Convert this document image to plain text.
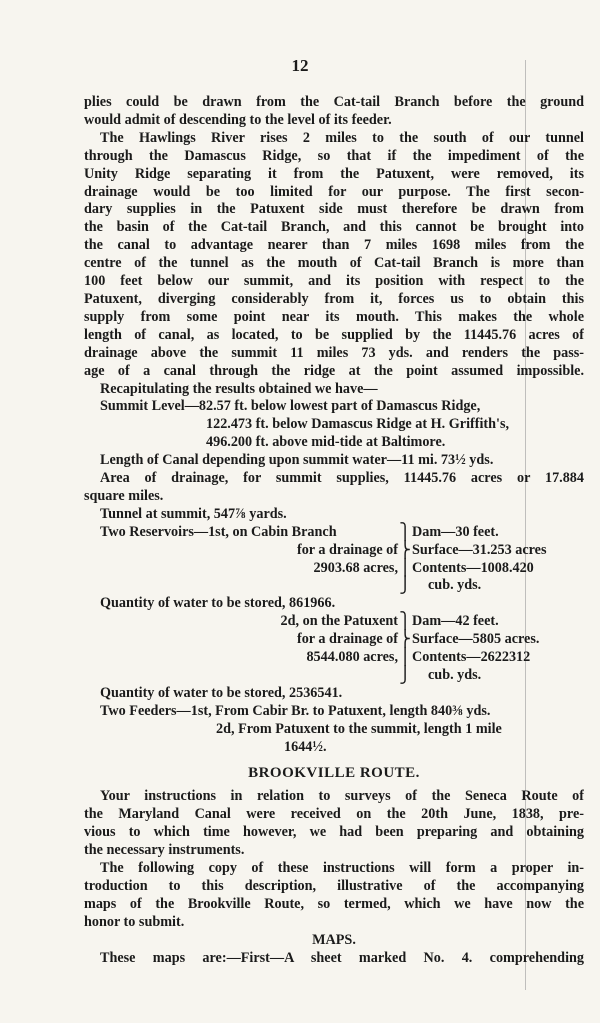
12
plies could be drawn from the Cat-tail Branch before the ground
would admit of descending to the level of its feeder.
The Hawlings River rises 2 miles to the south of our tunnel
through the Damascus Ridge, so that if the impediment of the
Unity Ridge separating it from the Patuxent, were removed, its
drainage would be too limited for our purpose. The first secon-
dary supplies in the Patuxent side must therefore be drawn from
the basin of the Cat-tail Branch, and this cannot be brought into
the canal to advantage nearer than 7 miles 1698 miles from the
centre of the tunnel as the mouth of Cat-tail Branch is more than
100 feet below our summit, and its position with respect to the
Patuxent, diverging considerably from it, forces us to obtain this
supply from some point near its mouth. This makes the whole
length of canal, as located, to be supplied by the 11445.76 acres of
drainage above the summit 11 miles 73 yds. and renders the pass-
age of a canal through the ridge at the point assumed impossible.
Recapitulating the results obtained we have—
Summit Level—82.57 ft. below lowest part of Damascus Ridge,
122.473 ft. below Damascus Ridge at H. Griffith's,
496.200 ft. above mid-tide at Baltimore.
Length of Canal depending upon summit water—11 mi. 73½ yds.
Area of drainage, for summit supplies, 11445.76 acres or 17.884
square miles.
Tunnel at summit, 547⅞ yards.
Two Reservoirs—1st, on Cabin Branch
for a drainage of
2903.68 acres,

⎫
⎬
⎪
⎭
Dam—30 feet.
Surface—31.253 acres
Contents—1008.420
cub. yds.
Quantity of water to be stored, 861966.
2d, on the Patuxent
for a drainage of
8544.080 acres,

⎫
⎬
⎪
⎭
Dam—42 feet.
Surface—5805 acres.
Contents—2622312
cub. yds.
Quantity of water to be stored, 2536541.
Two Feeders—1st, From Cabir Br. to Patuxent, length 840⅜ yds.
2d, From Patuxent to the summit, length 1 mile
1644½.
BROOKVILLE ROUTE.
Your instructions in relation to surveys of the Seneca Route of
the Maryland Canal were received on the 20th June, 1838, pre-
vious to which time however, we had been preparing and obtaining
the necessary instruments.
The following copy of these instructions will form a proper in-
troduction to this description, illustrative of the accompanying
maps of the Brookville Route, so termed, which we have now the
honor to submit.
MAPS.
These maps are:—First—A sheet marked No. 4. comprehending
